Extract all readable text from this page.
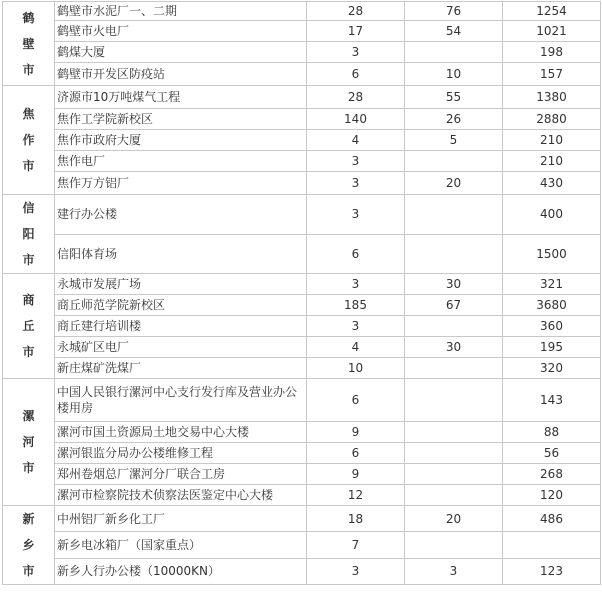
鹤
壁
市	鹤壁市水泥厂一、二期	28	76	1254
	鹤壁市火电厂	17	54	1021
	鹤煤大厦	3		198
	鹤壁市开发区防疫站	6	10	157

焦
作
市	济源市10万吨煤气工程	28	55	1380
	焦作工学院新校区	140	26	2880
	焦作市政府大厦	4	5	210
	焦作电厂	3		210
	焦作万方铝厂	3	20	430

信
阳
市	建行办公楼	3		400
	信阳体育场	6		1500

商
丘
市	永城市发展广场	3	30	321
	商丘师范学院新校区	185	67	3680
	商丘建行培训楼	3		360
	永城矿区电厂	4	30	195
	新庄煤矿洗煤厂	10		320

漯
河
市	中国人民银行漯河中心支行发行库及营业办公楼用房	6		143
	漯河市国土资源局土地交易中心大楼	9		88
	漯河银监分局办公楼维修工程	6		56
	郑州卷烟总厂漯河分厂联合工房	9		268
	漯河市检察院技术侦察法医鉴定中心大楼	12		120

新
乡
市	中州铝厂新乡化工厂	18	20	486
	新乡电冰箱厂（国家重点）	7		
	新乡人行办公楼（10000KN）	3	3	123
